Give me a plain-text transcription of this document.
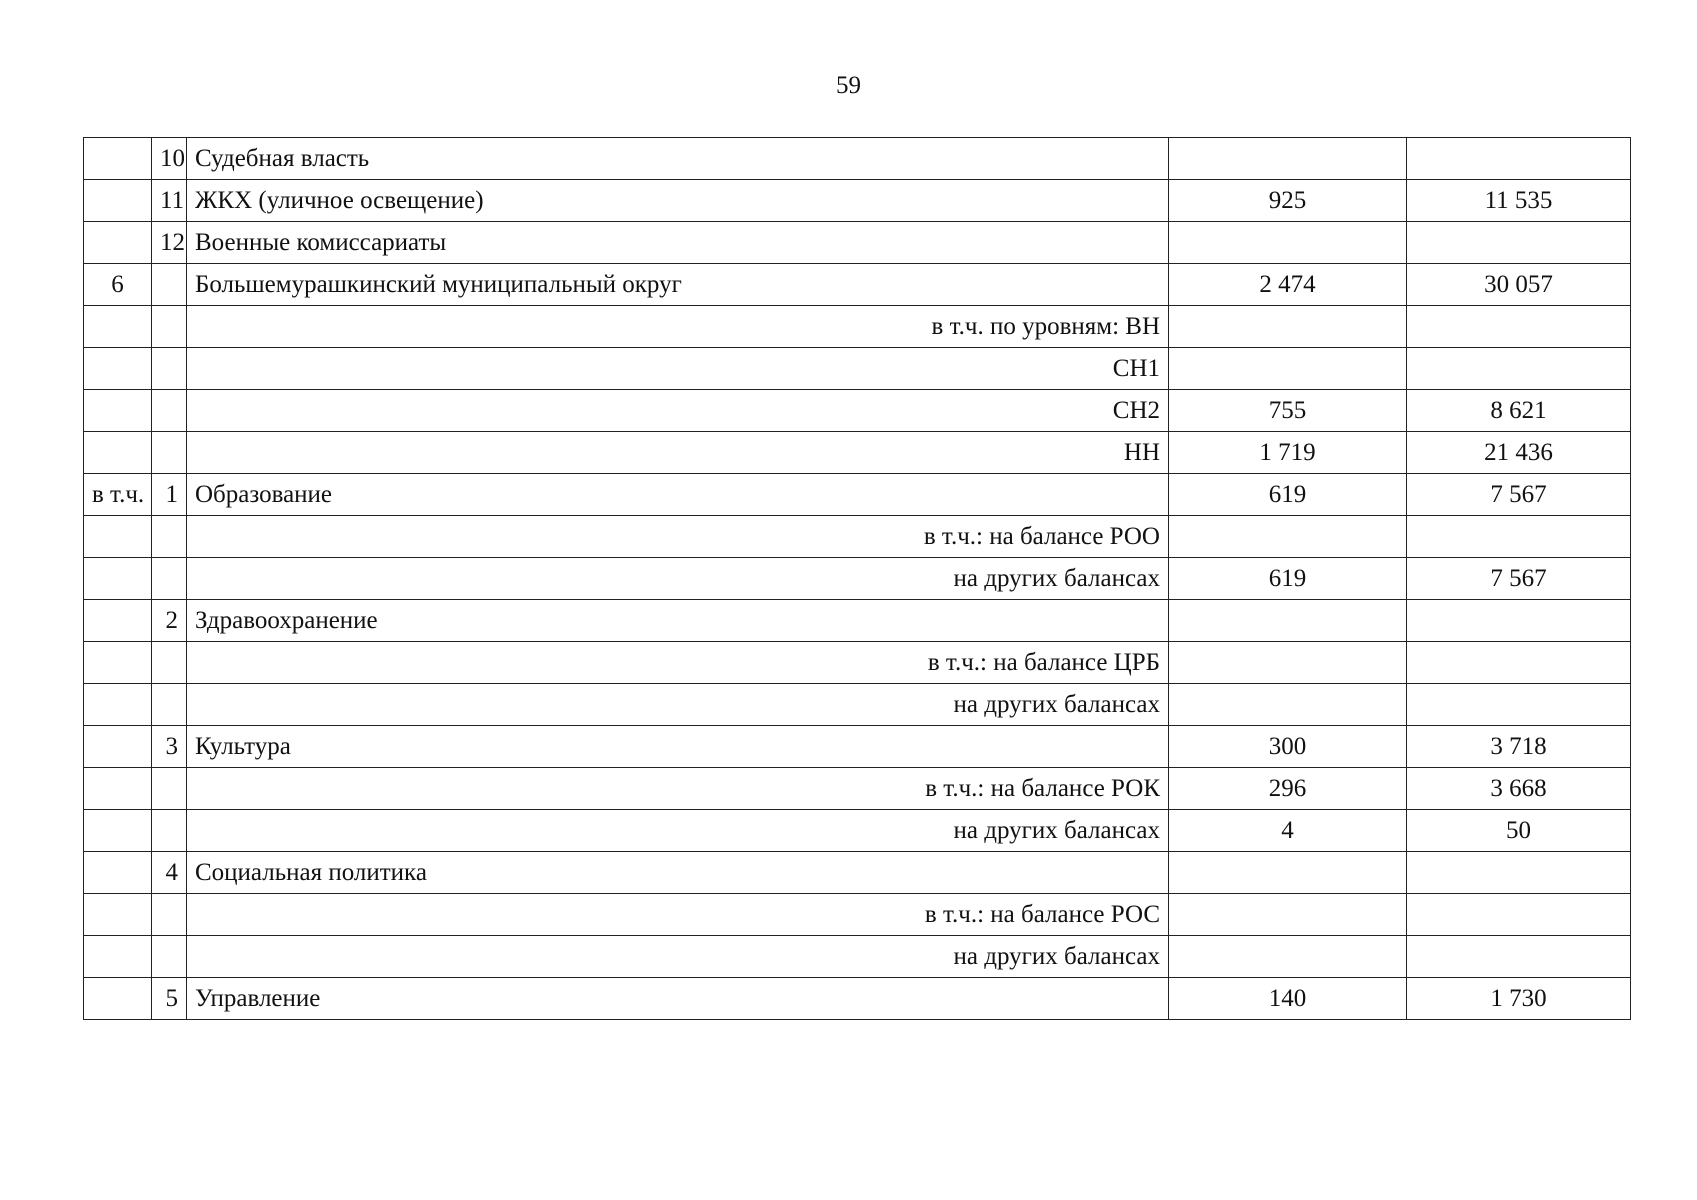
59
	10	Судебная власть		
	11	ЖКХ (уличное освещение)	925	11 535
	12	Военные комиссариаты		
6		Большемурашкинский муниципальный округ	2 474	30 057
		в т.ч. по уровням: ВН		
		СН1		
		СН2	755	8 621
		НН	1 719	21 436
в т.ч.	1	Образование	619	7 567
		в т.ч.: на балансе РОО		
		на других балансах	619	7 567
	2	Здравоохранение		
		в т.ч.: на балансе ЦРБ		
		на других балансах		
	3	Культура	300	3 718
		в т.ч.: на балансе РОК	296	3 668
		на других балансах	4	50
	4	Социальная политика		
		в т.ч.: на балансе РОС		
		на других балансах		
	5	Управление	140	1 730
